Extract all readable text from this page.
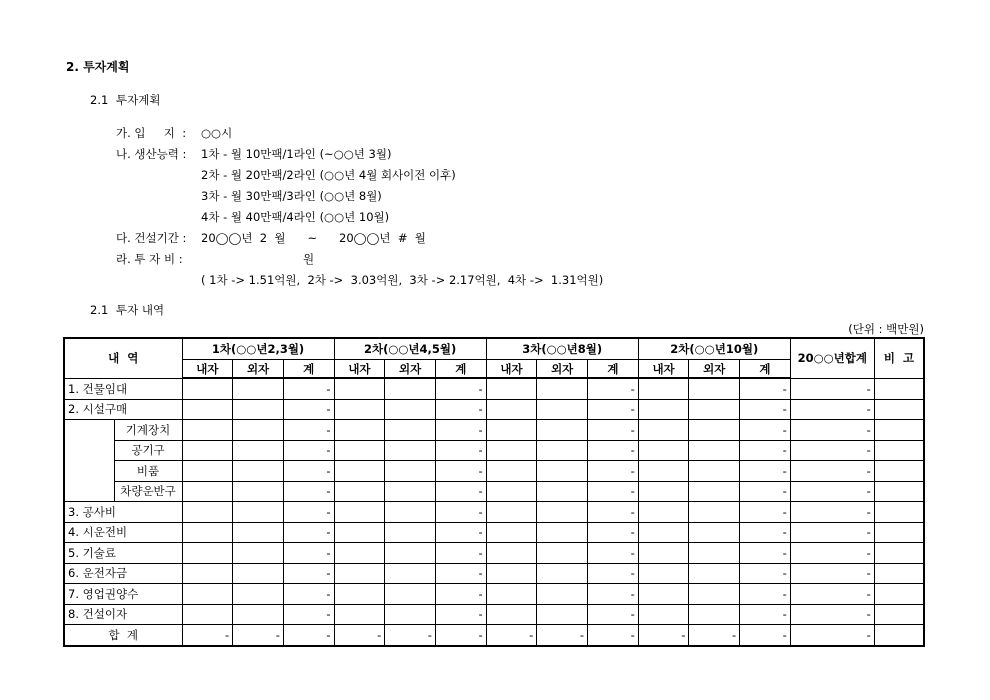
2. 투자계획
2.1 투자계획
가. 입     지  :	○○시
나. 생산능력 :	1차 - 월 10만팩/1라인 (~○○년 3월)
2차 - 월 20만팩/2라인 (○○년 4월 회사이전 이후)
3차 - 월 30만팩/3라인 (○○년 8월)
4차 - 월 40만팩/4라인 (○○년 10월)
다. 건설기간 :	20◯◯년  2  월      ~      20◯◯년  #  월
라. 투 자 비 :	원
( 1차 -> 1.51억원,  2차 ->  3.03억원,  3차 -> 2.17억원,  4차 ->  1.31억원)
2.1 투자 내역
(단위 : 백만원)
내  역		1차(○○년2,3월)			2차(○○년4,5월)			3차(○○년8월)			2차(○○년10월)			20○○년합계	비  고
		내자	외자	계	내자	외자	계	내자	외자	계	내자	외자	계		
1. 건물임대				-			-			-			-	-	
2. 시설구매				-			-			-			-	-	
	기계장치			-			-			-			-	-	
	공기구			-			-			-			-	-	
	비품			-			-			-			-	-	
	차량운반구			-			-			-			-	-	
3. 공사비				-			-			-			-	-	
4. 시운전비				-			-			-			-	-	
5. 기술료				-			-			-			-	-	
6. 운전자금				-			-			-			-	-	
7. 영업권양수				-			-			-			-	-	
8. 건설이자				-			-			-			-	-	
합  계		-	-	-	-	-	-	-	-	-	-	-	-	-	
